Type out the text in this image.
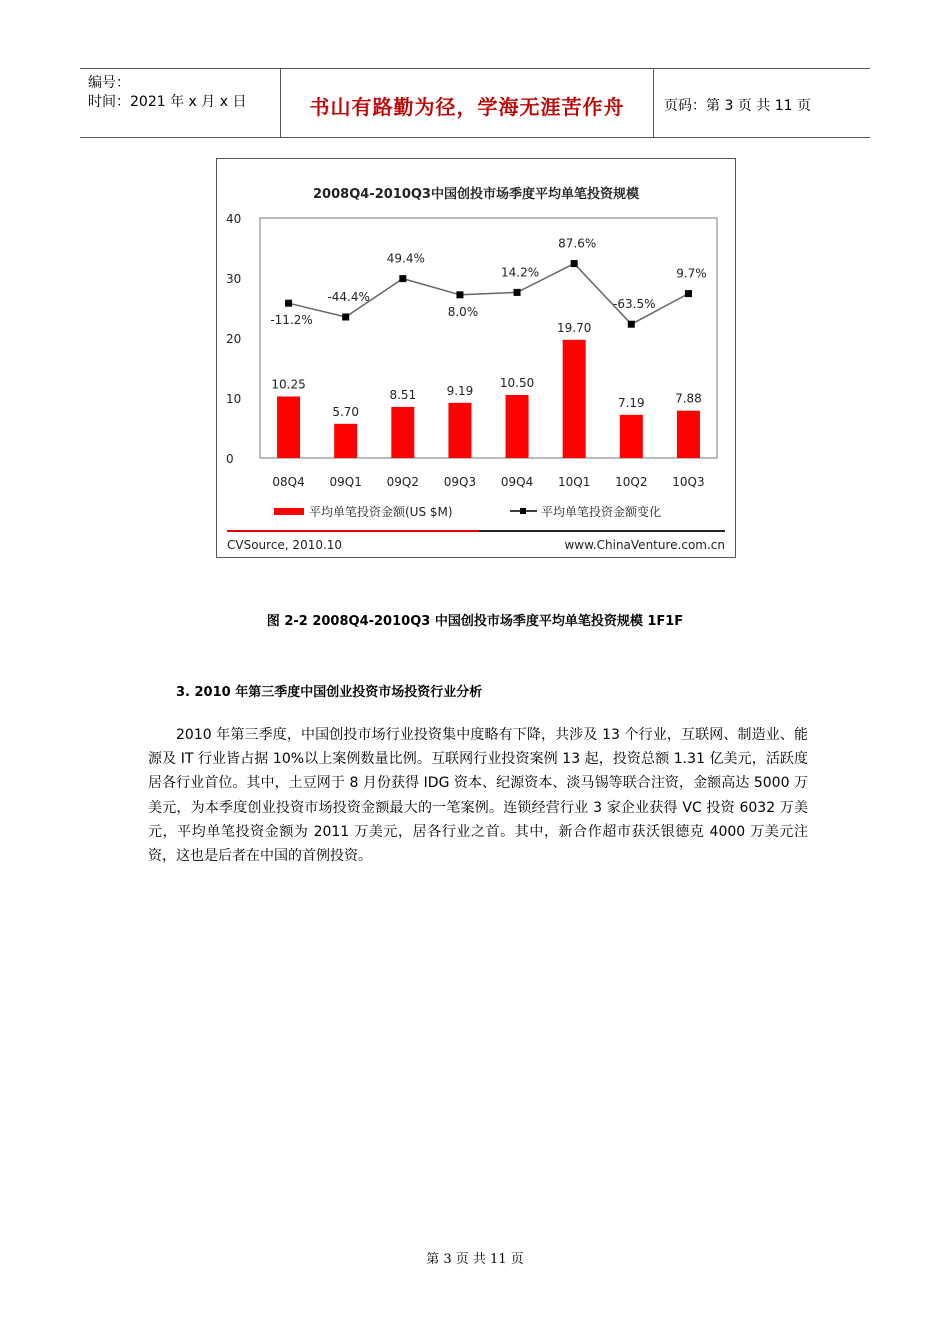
编号：
时间：2021 年 x 月 x 日	书山有路勤为径，学海无涯苦作舟	页码：第 3 页 共 11 页
2008Q4-2010Q3中国创投市场季度平均单笔投资规模
0
10
20
30
40
10.25
5.70
8.51	9.19
10.50
19.70
7.19	7.88
-11.2%
-44.4%
49.4%
8.0%
14.2%
87.6%
-63.5%
9.7%
08Q4 09Q1 09Q2 09Q3 09Q4 10Q1 10Q2 10Q3
平均单笔投资金额(US $M)	平均单笔投资金额变化
CVSource, 2010.10	www.ChinaVenture.com.cn
图 2-2 2008Q4-2010Q3 中国创投市场季度平均单笔投资规模 1F1F
3. 2010 年第三季度中国创业投资市场投资行业分析
2010 年第三季度，中国创投市场行业投资集中度略有下降，共涉及 13 个行业，互联网、制造业、能源及 IT 行业皆占据 10%以上案例数量比例。互联网行业投资案例 13 起，投资总额 1.31 亿美元，活跃度居各行业首位。其中，土豆网于 8 月份获得 IDG 资本、纪源资本、淡马锡等联合注资，金额高达 5000 万美元，为本季度创业投资市场投资金额最大的一笔案例。连锁经营行业 3 家企业获得 VC 投资 6032 万美元，平均单笔投资金额为 2011 万美元，居各行业之首。其中，新合作超市获沃银德克 4000 万美元注资，这也是后者在中国的首例投资。
第 3 页 共 11 页
